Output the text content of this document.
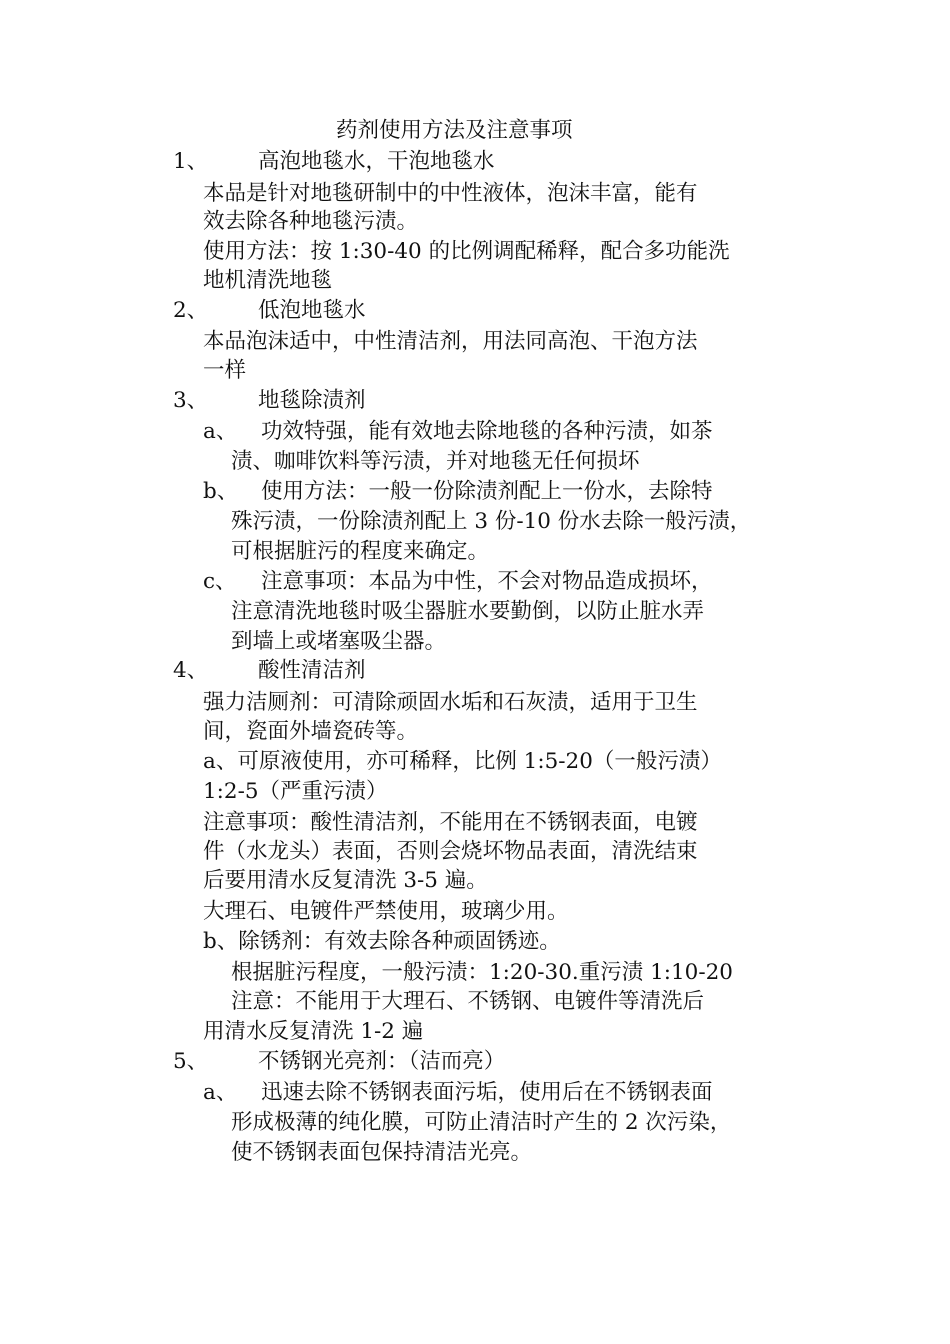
药剂使用方法及注意事项
1、 高泡地毯水，干泡地毯水
本品是针对地毯研制中的中性液体，泡沫丰富，能有
效去除各种地毯污渍。
使用方法：按 1:30-40 的比例调配稀释，配合多功能洗
地机清洗地毯
2、 低泡地毯水
本品泡沫适中，中性清洁剂，用法同高泡、干泡方法
一样
3、 地毯除渍剂
a、 功效特强，能有效地去除地毯的各种污渍，如茶
渍、咖啡饮料等污渍，并对地毯无任何损坏
b、 使用方法：一般一份除渍剂配上一份水，去除特
殊污渍，一份除渍剂配上 3 份-10 份水去除一般污渍，
可根据脏污的程度来确定。
c、 注意事项：本品为中性，不会对物品造成损坏，
注意清洗地毯时吸尘器脏水要勤倒，以防止脏水弄
到墙上或堵塞吸尘器。
4、 酸性清洁剂
强力洁厕剂：可清除顽固水垢和石灰渍，适用于卫生
间，瓷面外墙瓷砖等。
a、可原液使用，亦可稀释，比例 1:5-20（一般污渍）
1:2-5（严重污渍）
注意事项：酸性清洁剂，不能用在不锈钢表面，电镀
件（水龙头）表面，否则会烧坏物品表面，清洗结束
后要用清水反复清洗 3-5 遍。
大理石、电镀件严禁使用，玻璃少用。
b、除锈剂：有效去除各种顽固锈迹。
根据脏污程度，一般污渍：1:20-30.重污渍 1:10-20
注意：不能用于大理石、不锈钢、电镀件等清洗后
用清水反复清洗 1-2 遍
5、 不锈钢光亮剂：（洁而亮）
a、 迅速去除不锈钢表面污垢，使用后在不锈钢表面
形成极薄的纯化膜，可防止清洁时产生的 2 次污染，
使不锈钢表面包保持清洁光亮。
